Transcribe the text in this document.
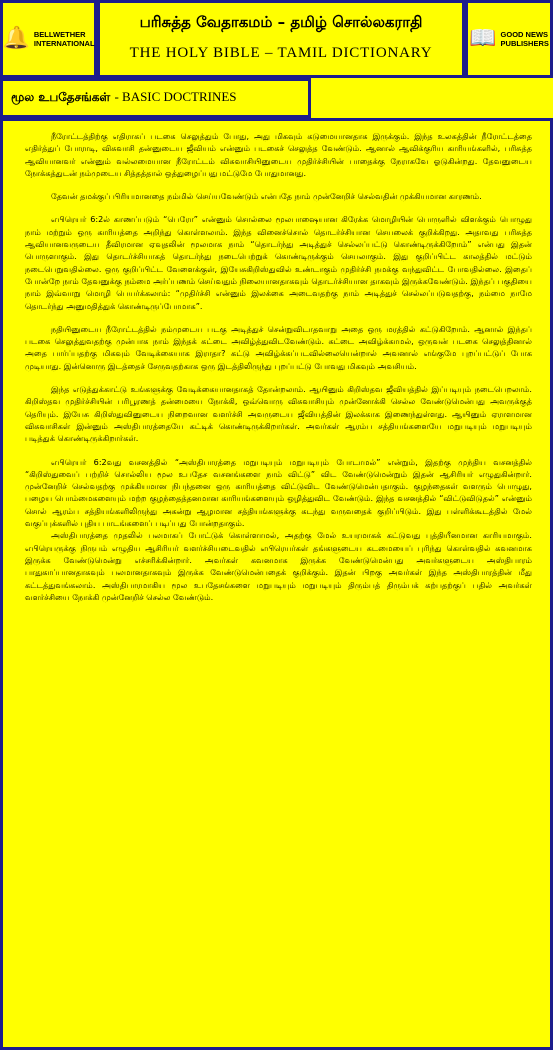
🔔 BELLWETHER
INTERNATIONAL
பரிசுத்த வேதாகமம் – தமிழ் சொல்லகராதி
THE HOLY BIBLE – TAMIL DICTIONARY
📖 GOOD NEWS
PUBLISHERS
மூல உபதேசங்கள் - BASIC DOCTRINES

நீரோட்டத்திற்கு எதிராகப் படகை செலுத்தும் போது, அது மிகவும் கடுமையானதாக இருக்கும். இந்த உலகத்தின் நீரோட்டத்தை எதிர்த்துப் போராடி, விசுவாசி தன்னுடைய ஜீவியம் என்னும் படகைச் செலுத்த வேண்டும். ஆனால் ஆவிக்குரிய காரியங்களில், பரிசுத்த ஆவியானவர் என்னும் வல்லமையான நீரோட்டம் விசுவாசியினுடைய முதிர்ச்சியின் பாதைக்கு நேராகவே ஓடுகின்றது. தேவனுடைய நோக்கத்துடன் நம்முடைய சித்தத்தால் ஒத்துழைப்பது மட்டுமே போதுமானது.

தேவன் தமக்குப் பிரியமானதை நம்மில் செய்யவேண்டும் என்பதே நாம் முன்னேறிச் செல்வதின் முக்கியமான காரணம்.

எபிரெயர் 6:2ல் காணப்படும் “பெரோ” என்னும் சொல்லை மூலபாஷையான கிரேக்க மொழியின் பொருளில் விளக்கும் பொழுது நாம் மற்றும் ஒரு காரியத்தை அறிந்து கொள்ளலாம். இந்த வினைச்சொல் தொடர்ச்சியான செயலைக் குறிக்கிறது. அதாவது பரிசுத்த ஆவியானவருடைய தீவிரமான ஏவுதலின் மூலமாக நாம் “தொடர்ந்து அடித்துச் செல்லப்பட்டு கொண்டிருக்கிறோம்” என்பது இதன் பொருளாகும். இது தொடர்ச்சியாகத் தொடர்ந்து நடைபெற்றுக் கொண்டிருக்கும் செயலாகும். இது குறிப்பிட்ட காலத்தில் மட்டும் நடைபெறுவதில்லை. ஒரு குறிப்பிட்ட வேளைக்குள், இயேசுகிறிஸ்துவில் உண்டாகும் முதிர்ச்சி நமக்கு வந்துவிட்ட போவதில்லை. இதைப் போன்றே நாம் தேவனுக்கு நம்மை அர்ப்பணம் செய்வதும் நிலையானதாகவும் தொடர்ச்சியான தாகவும் இருக்கவேண்டும். இந்தப் பகுதியை நாம் இவ்வாறு மொழி பெயர்க்கலாம்: “முதிர்ச்சி என்னும் இலக்கை அடைவதற்கு நாம் அடித்துச் செல்லப்படுவதற்கு, நம்மை நாமே தொடர்ந்து அனுமதித்துக் கொண்டிருப்போமாக”.

நதியினுடைய நீரோட்டத்தில் நம்முடைய படகு அடித்துச் சென்றுவிடாதவாறு அதை ஒரு மரத்தில் கட்டுகிறோம். ஆனால் இந்தப் படகை செலுத்துவதற்கு முன்பாக நாம் இந்தக் கட்டை அவிழ்த்துவிடவேண்டும். கட்டை அவிழ்க்காமல், ஒருவன் படகை செலுத்தினால் அதை பார்ப்பதற்கு மிகவும் வேடிக்கையாக இராதா? கட்டு அவிழ்க்கப்படவில்லையென்றால் அவனால் எங்குமே புறப்பட்டுப் போக முடியாது. இன்னொரு இடத்தைச் சேருவதற்காக ஒரு இடத்திலிருந்து புறப்பட்டு போவது மிகவும் அவசியம்.

இந்த எடுத்துக்காட்டு உங்களுக்கு வேடிக்கையானதாகத் தோன்றலாம். ஆயினும் கிறிஸ்தவ ஜீவியத்தில் இப்படியும் நடைபெறலாம். கிறிஸ்தவ முதிர்ச்சியின் பரிபூரணத் தன்மையை நோக்கி, ஒவ்வொரு விசுவாசியும் முன்னோக்கி செல்ல வேண்டுமென்பது அவருக்குத் தெரியும். இயேசு கிறிஸ்துவினுடைய நிறைவான வளர்ச்சி அவருடைய ஜீவியத்தின் இலக்காக இணைந்துள்ளது. ஆயினும் ஏராளமான விசுவாசிகள் இன்னும் அஸ்திபாரத்தையே கட்டிக் கொண்டிருக்கிறார்கள். அவர்கள் ஆரம்ப சத்தியங்களையே மறுபடியும் மறுபடியும் படித்துக் கொண்டிருக்கிறார்கள்.

எபிரெயர் 6:2வது வசனத்தில் “அஸ்திபாரத்தை மறுபடியும் மறுபடியும் போடாமல்” என்றும், இதற்கு முந்திய வசனத்தில் “கிறிஸ்துவைப் பற்றிச் சொல்லிய மூல உபதேச வசனங்களை நாம் விட்டு” விட வேண்டுமென்றும் இதன் ஆசிரியர் எழுதுகின்றார். முன்னேறிச் செல்வதற்கு முக்கியமான நிபந்தனை ஒரு காரியத்தை விட்டுவிட வேண்டுமென்பதாகும். குழந்தைகள் வளரும் பொழுது, பழைய பொம்மைகளையும் மற்ற குழந்தைத்தனமான காரியங்களையும் ஒழித்துவிட வேண்டும். இந்த வசனத்தில் “விட்டுவிடுதல்” என்னும் சொல் ஆரம்ப சத்தியங்களிலிருந்து அகன்று ஆழமான சத்தியங்களுக்கு கடந்து வருவதைக் குறிப்பிடும். இது பள்ளிக்கூடத்தில் மேல் வகுப்புக்களில் புதிய பாடங்களைப் படிப்பது போன்றதாகும்.

அஸ்திபாரத்தை முதலில் பலமாகப் போட்டுக் கொள்ளாமல், அதற்கு மேல் உயரமாகக் கட்டுவது புத்தியீனமான காரியமாகும். எபிரெயருக்கு நிருபம் எழுதிய ஆசிரியர் வளர்ச்சியடைவதில் எபிரெயர்கள் தங்களுடைய கடமையைப் புரிந்து கொள்வதில் கவனமாக இருக்க வேண்டுமென்று எச்சரிக்கின்றார். அவர்கள் கவனமாக இருக்க வேண்டுமென்பது அவர்களுடைய அஸ்திபாரம் பாதுகாப்பானதாகவும் பலமானதாகவும் இருக்க வேண்டுமென்பதைக் குறிக்கும். இதன் பிறகு அவர்கள் இந்த அஸ்திபாரத்தின் மீது கட்டத்துவங்கலாம். அஸ்திபாரமாகிய மூல உபதேசங்களை மறுபடியும் மறுபடியும் திரும்பத் திரும்பக் கற்பதற்குப் பதில் அவர்கள் வளர்ச்சியை நோக்கி முன்னேறிச் செல்ல வேண்டும்.
